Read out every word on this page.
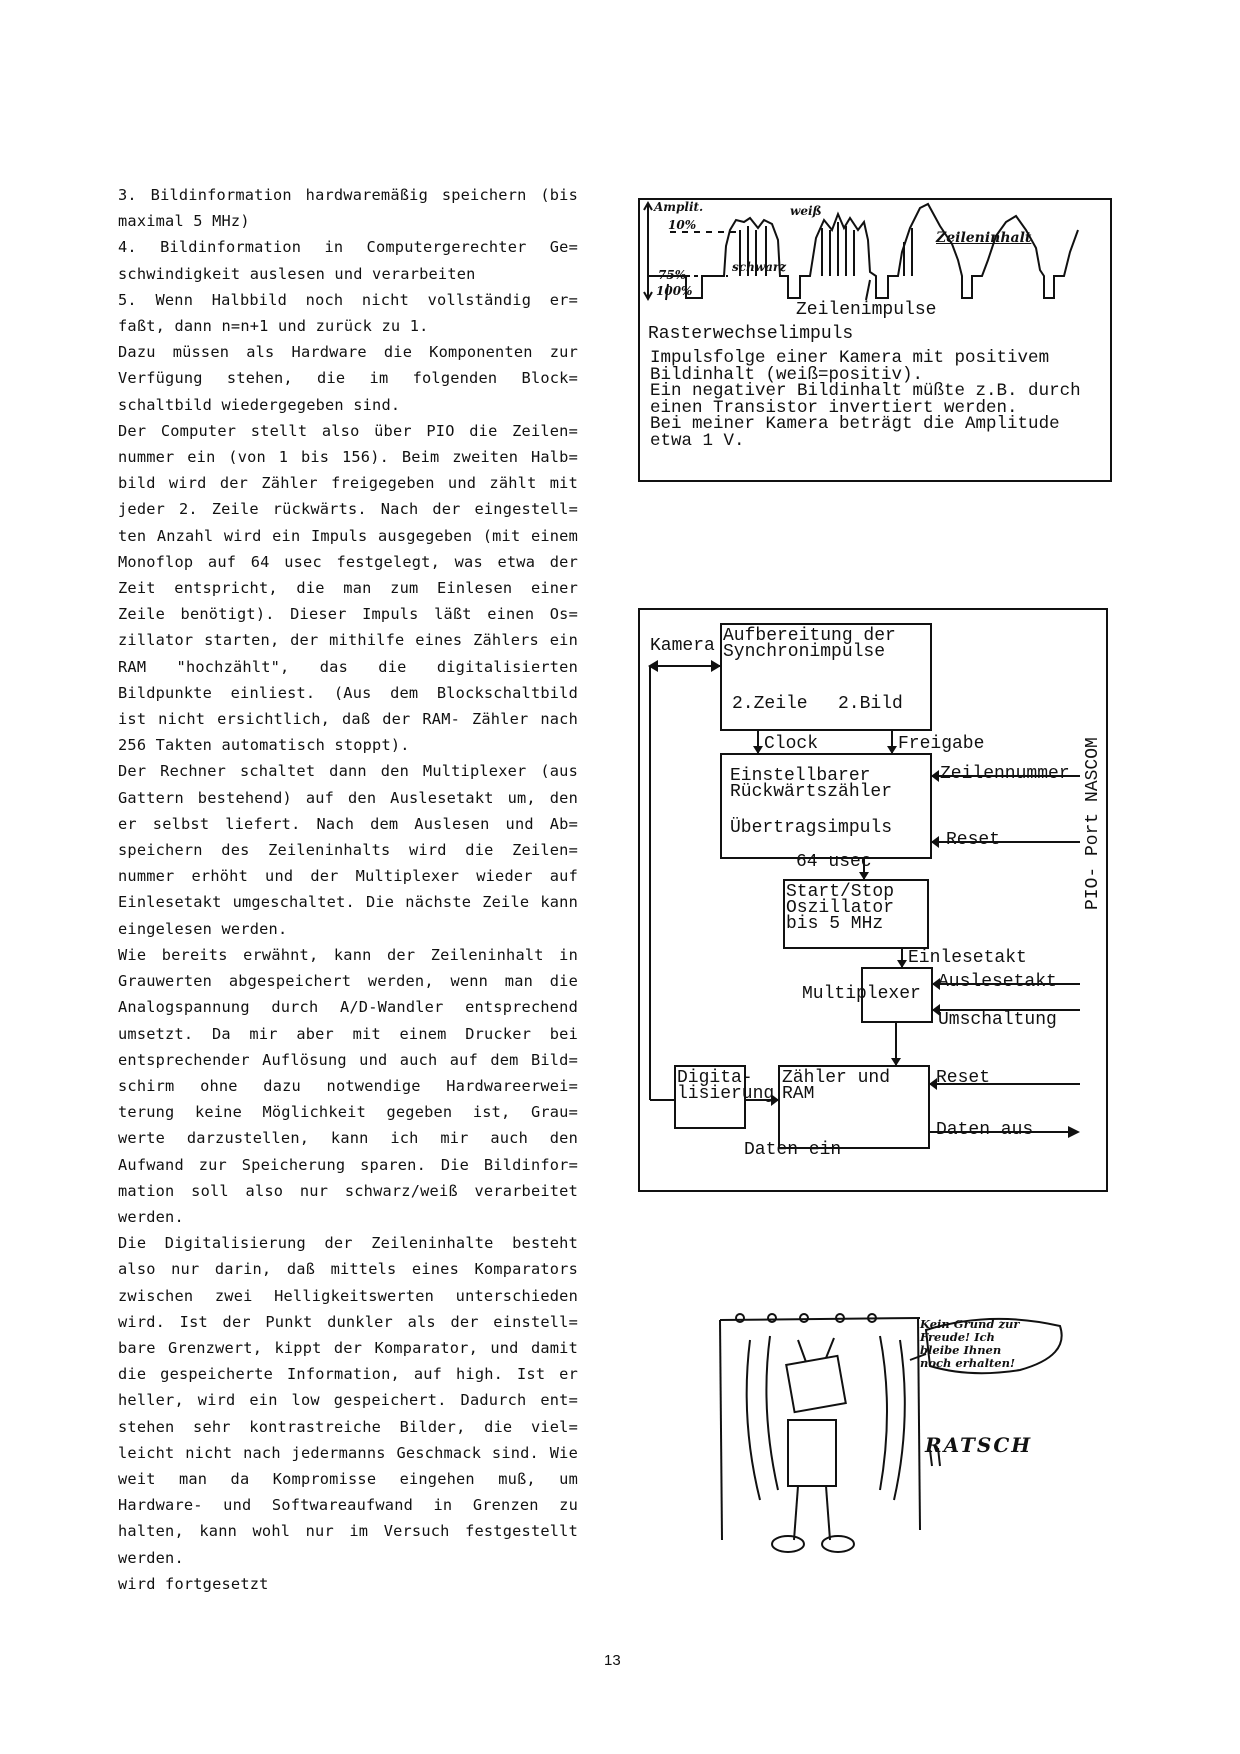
3. Bildinformation hardwaremäßig speichern (bis maximal 5 MHz)

4. Bildinformation in Computergerechter Ge= schwindigkeit auslesen und verarbeiten

5. Wenn Halbbild noch nicht vollständig er= faßt, dann n=n+1 und zurück zu 1.

Dazu müssen als Hardware die Komponenten zur Verfügung stehen, die im folgenden Block= schaltbild wiedergegeben sind.

Der Computer stellt also über PIO die Zeilen= nummer ein (von 1 bis 156). Beim zweiten Halb= bild wird der Zähler freigegeben und zählt mit jeder 2. Zeile rückwärts. Nach der eingestell= ten Anzahl wird ein Impuls ausgegeben (mit einem Monoflop auf 64 usec festgelegt, was etwa der Zeit entspricht, die man zum Einlesen einer Zeile benötigt). Dieser Impuls läßt einen Os= zillator starten, der mithilfe eines Zählers ein RAM "hochzählt", das die digitalisierten Bildpunkte einliest. (Aus dem Blockschaltbild ist nicht ersichtlich, daß der RAM- Zähler nach 256 Takten automatisch stoppt).

Der Rechner schaltet dann den Multiplexer (aus Gattern bestehend) auf den Auslesetakt um, den er selbst liefert. Nach dem Auslesen und Ab= speichern des Zeileninhalts wird die Zeilen= nummer erhöht und der Multiplexer wieder auf Einlesetakt umgeschaltet. Die nächste Zeile kann eingelesen werden.

Wie bereits erwähnt, kann der Zeileninhalt in Grauwerten abgespeichert werden, wenn man die Analogspannung durch A/D-Wandler entsprechend umsetzt. Da mir aber mit einem Drucker bei entsprechender Auflösung und auch auf dem Bild= schirm ohne dazu notwendige Hardwareerwei= terung keine Möglichkeit gegeben ist, Grau= werte darzustellen, kann ich mir auch den Aufwand zur Speicherung sparen. Die Bildinfor= mation soll also nur schwarz/weiß verarbeitet werden.

Die Digitalisierung der Zeileninhalte besteht also nur darin, daß mittels eines Komparators zwischen zwei Helligkeitswerten unterschieden wird. Ist der Punkt dunkler als der einstell= bare Grenzwert, kippt der Komparator, und damit die gespeicherte Information, auf high. Ist er heller, wird ein low gespeichert. Dadurch ent= stehen sehr kontrastreiche Bilder, die viel= leicht nicht nach jedermanns Geschmack sind. Wie weit man da Kompromisse eingehen muß, um Hardware- und Softwareaufwand in Grenzen zu halten, kann wohl nur im Versuch festgestellt werden.

wird fortgesetzt

Amplit.
10%
weiß
75%
100%
schwarz
Zeileninhalt
Zeilenimpulse
Rasterwechselimpuls
Impulsfolge einer Kamera mit positivem
Bildinhalt (weiß=positiv).
Ein negativer Bildinhalt müßte z.B. durch
einen Transistor invertiert werden.
Bei meiner Kamera beträgt die Amplitude
etwa 1 V.
Kamera Aufbereitung der
Synchronimpulse
2.Zeile 2.Bild
Clock	Freigabe
Einstellbarer
Rückwärtszähler
Übertragsimpuls
Zeilennummer
Reset
64 usec
Start/Stop
Oszillator
bis 5 MHz
Einlesetakt
Multiplexer
Auslesetakt
Umschaltung
Digita-
lisierung
Zähler und
RAM
Reset
Daten aus
Daten ein
PIO- Port NASCOM
Kein Grund zur
Freude! Ich
bleibe Ihnen
noch erhalten!
RATSCH
13
